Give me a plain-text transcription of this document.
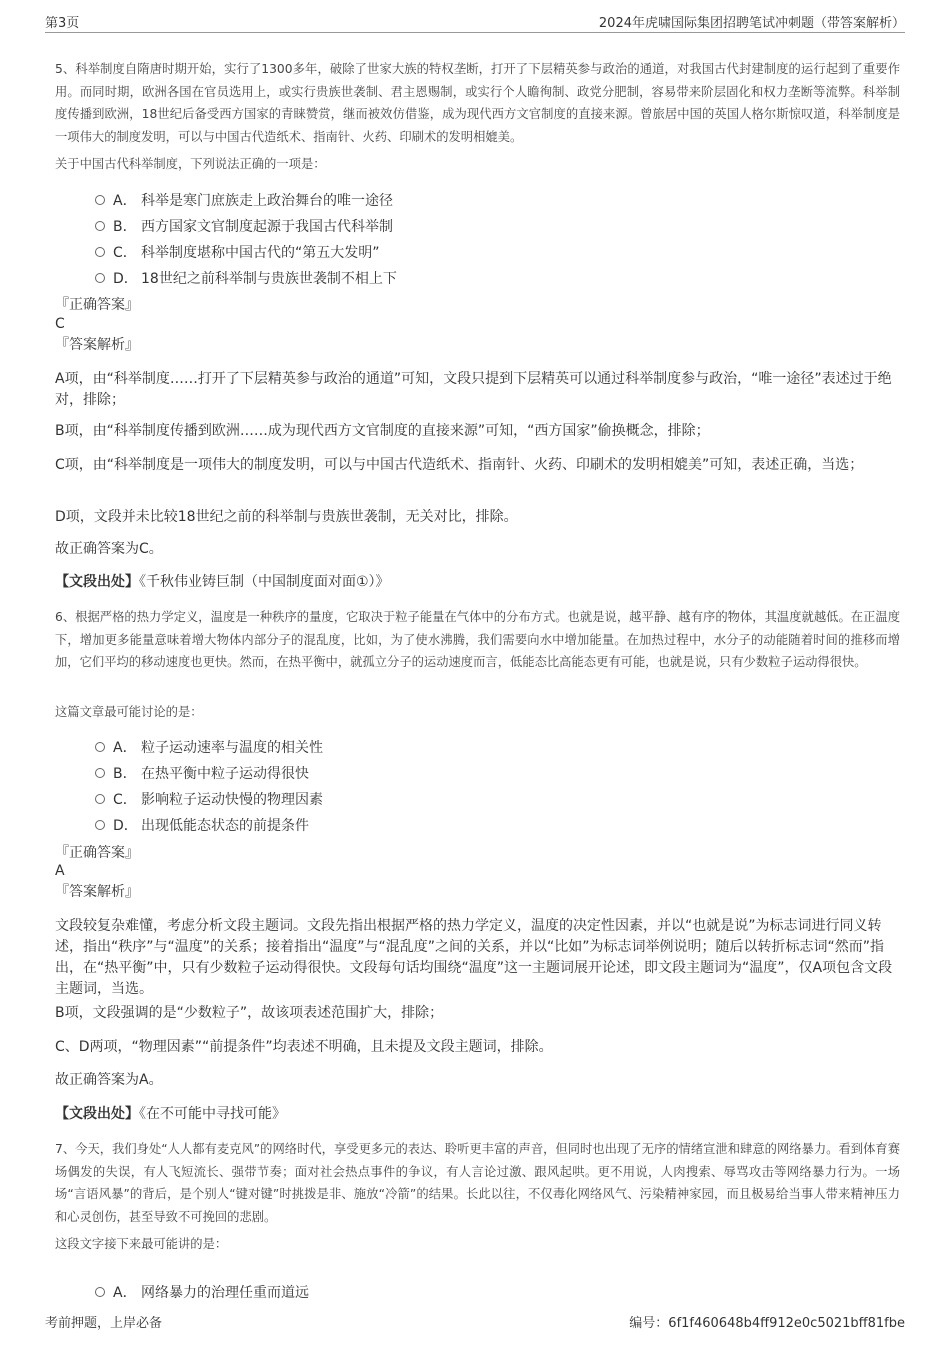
第3页	2024年虎啸国际集团招聘笔试冲刺题（带答案解析）

5、科举制度自隋唐时期开始，实行了1300多年，破除了世家大族的特权垄断，打开了下层精英参与政治的通道，对我国古代封建制度的运行起到了重要作用。而同时期，欧洲各国在官员选用上，或实行贵族世袭制、君主恩赐制，或实行个人瞻徇制、政党分肥制，容易带来阶层固化和权力垄断等流弊。科举制度传播到欧洲，18世纪后备受西方国家的青睐赞赏，继而被效仿借鉴，成为现代西方文官制度的直接来源。曾旅居中国的英国人格尔斯惊叹道，科举制度是一项伟大的制度发明，可以与中国古代造纸术、指南针、火药、印刷术的发明相媲美。

关于中国古代科举制度，下列说法正确的一项是：
A． 科举是寒门庶族走上政治舞台的唯一途径
B． 西方国家文官制度起源于我国古代科举制
C． 科举制度堪称中国古代的“第五大发明”
D． 18世纪之前科举制与贵族世袭制不相上下
『正确答案』
C
『答案解析』

A项，由“科举制度……打开了下层精英参与政治的通道”可知，文段只提到下层精英可以通过科举制度参与政治，“唯一途径”表述过于绝对，排除；

B项，由“科举制度传播到欧洲……成为现代西方文官制度的直接来源”可知，“西方国家”偷换概念，排除；

C项，由“科举制度是一项伟大的制度发明，可以与中国古代造纸术、指南针、火药、印刷术的发明相媲美”可知，表述正确，当选；

D项，文段并未比较18世纪之前的科举制与贵族世袭制，无关对比，排除。

故正确答案为C。

【文段出处】《千秋伟业铸巨制（中国制度面对面①）》

6、根据严格的热力学定义，温度是一种秩序的量度，它取决于粒子能量在气体中的分布方式。也就是说，越平静、越有序的物体，其温度就越低。在正温度下，增加更多能量意味着增大物体内部分子的混乱度，比如，为了使水沸腾，我们需要向水中增加能量。在加热过程中，水分子的动能随着时间的推移而增加，它们平均的移动速度也更快。然而，在热平衡中，就孤立分子的运动速度而言，低能态比高能态更有可能，也就是说，只有少数粒子运动得很快。

这篇文章最可能讨论的是：
A． 粒子运动速率与温度的相关性
B． 在热平衡中粒子运动得很快
C． 影响粒子运动快慢的物理因素
D． 出现低能态状态的前提条件
『正确答案』
A
『答案解析』

文段较复杂难懂，考虑分析文段主题词。文段先指出根据严格的热力学定义，温度的决定性因素，并以“也就是说”为标志词进行同义转述，指出“秩序”与“温度”的关系；接着指出“温度”与“混乱度”之间的关系，并以“比如”为标志词举例说明；随后以转折标志词“然而”指出，在“热平衡”中，只有少数粒子运动得很快。文段每句话均围绕“温度”这一主题词展开论述，即文段主题词为“温度”，仅A项包含文段主题词，当选。

B项，文段强调的是“少数粒子”，故该项表述范围扩大，排除；

C、D两项，“物理因素”“前提条件”均表述不明确，且未提及文段主题词，排除。

故正确答案为A。

【文段出处】《在不可能中寻找可能》

7、今天，我们身处“人人都有麦克风”的网络时代，享受更多元的表达、聆听更丰富的声音，但同时也出现了无序的情绪宣泄和肆意的网络暴力。看到体育赛场偶发的失误，有人飞短流长、强带节奏；面对社会热点事件的争议，有人言论过激、跟风起哄。更不用说，人肉搜索、辱骂攻击等网络暴力行为。一场场“言语风暴”的背后，是个别人“键对键”时挑拨是非、施放“冷箭”的结果。长此以往，不仅毒化网络风气、污染精神家园，而且极易给当事人带来精神压力和心灵创伤，甚至导致不可挽回的悲剧。

这段文字接下来最可能讲的是：
A． 网络暴力的治理任重而道远
考前押题，上岸必备	编号：6f1f460648b4ff912e0c5021bff81fbe
